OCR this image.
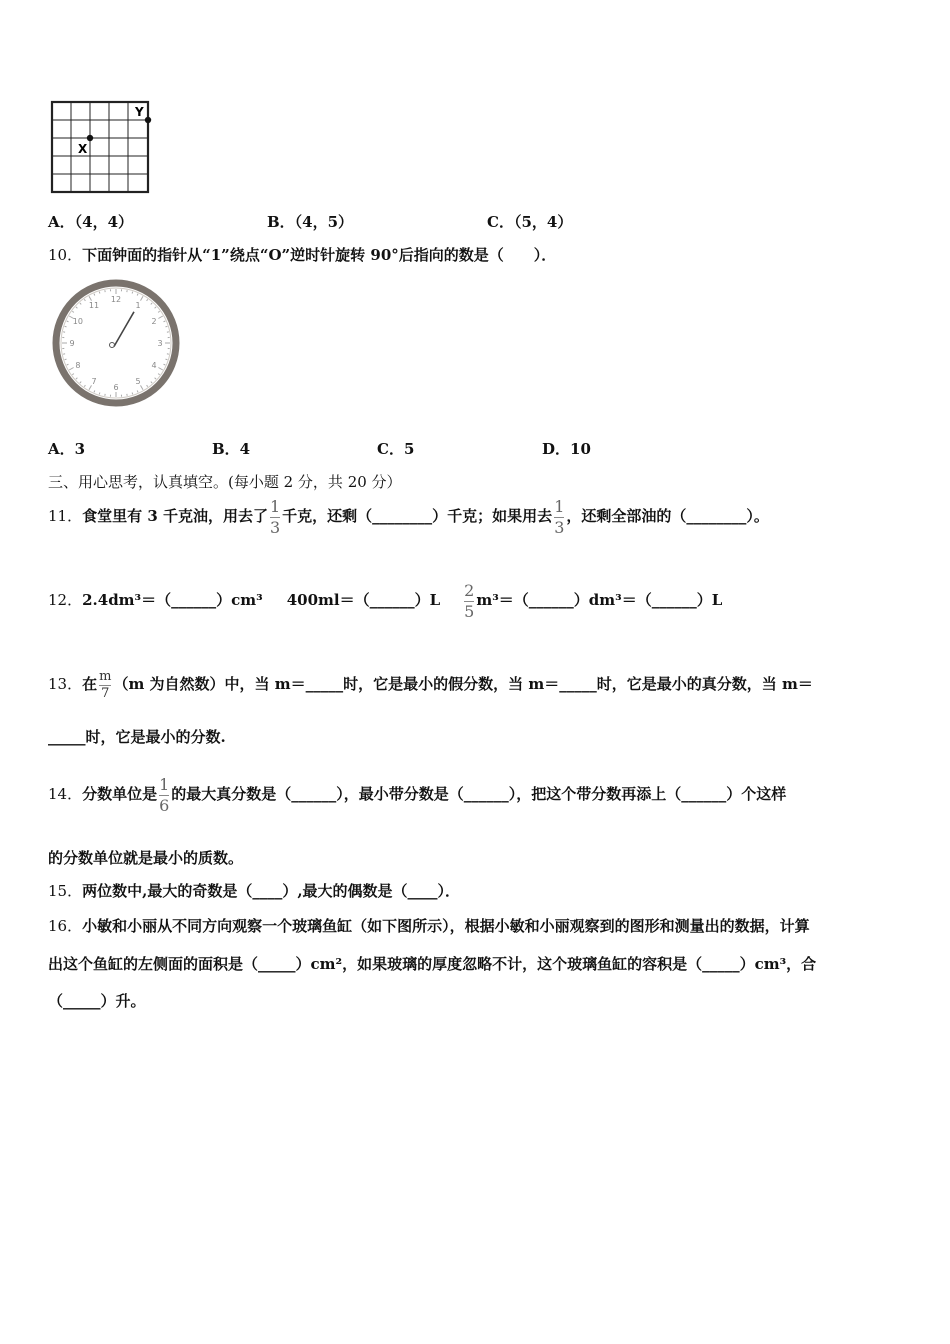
X
Y
A．（4，4）	B．（4，5）	C．（5，4）
10．下面钟面的指针从“1”绕点“O”逆时针旋转 90°后指向的数是（　　）．
12
1
2
3
4
5
6
7
8
9
10
11
A．3	B．4	C．5	D．10
三、用心思考，认真填空。(每小题 2 分，共 20 分）
11．食堂里有 3 千克油，用去了 $\frac{1}{3}$ 千克，还剩（________）千克；如果用去 $\frac{1}{3}$ ，还剩全部油的（________）。
12．2.4dm³＝（______）cm³ 400ml＝（______）L $\frac{2}{5}$ m³＝（______）dm³＝（______）L
13．在 $\frac{m}{7} (m$ 为自然数）中，当 m＝_____时，它是最小的假分数，当 m＝_____时，它是最小的真分数，当 m＝
_____时，它是最小的分数.
14．分数单位是 $\frac{1}{6}$ 的最大真分数是（______），最小带分数是（______），把这个带分数再添上（______）个这样
的分数单位就是最小的质数。
15．两位数中,最大的奇数是（____）,最大的偶数是（____）．
16．小敏和小丽从不同方向观察一个玻璃鱼缸（如下图所示），根据小敏和小丽观察到的图形和测量出的数据，计算
出这个鱼缸的左侧面的面积是（_____）cm²，如果玻璃的厚度忽略不计，这个玻璃鱼缸的容积是（_____）cm³，合
（_____）升。
